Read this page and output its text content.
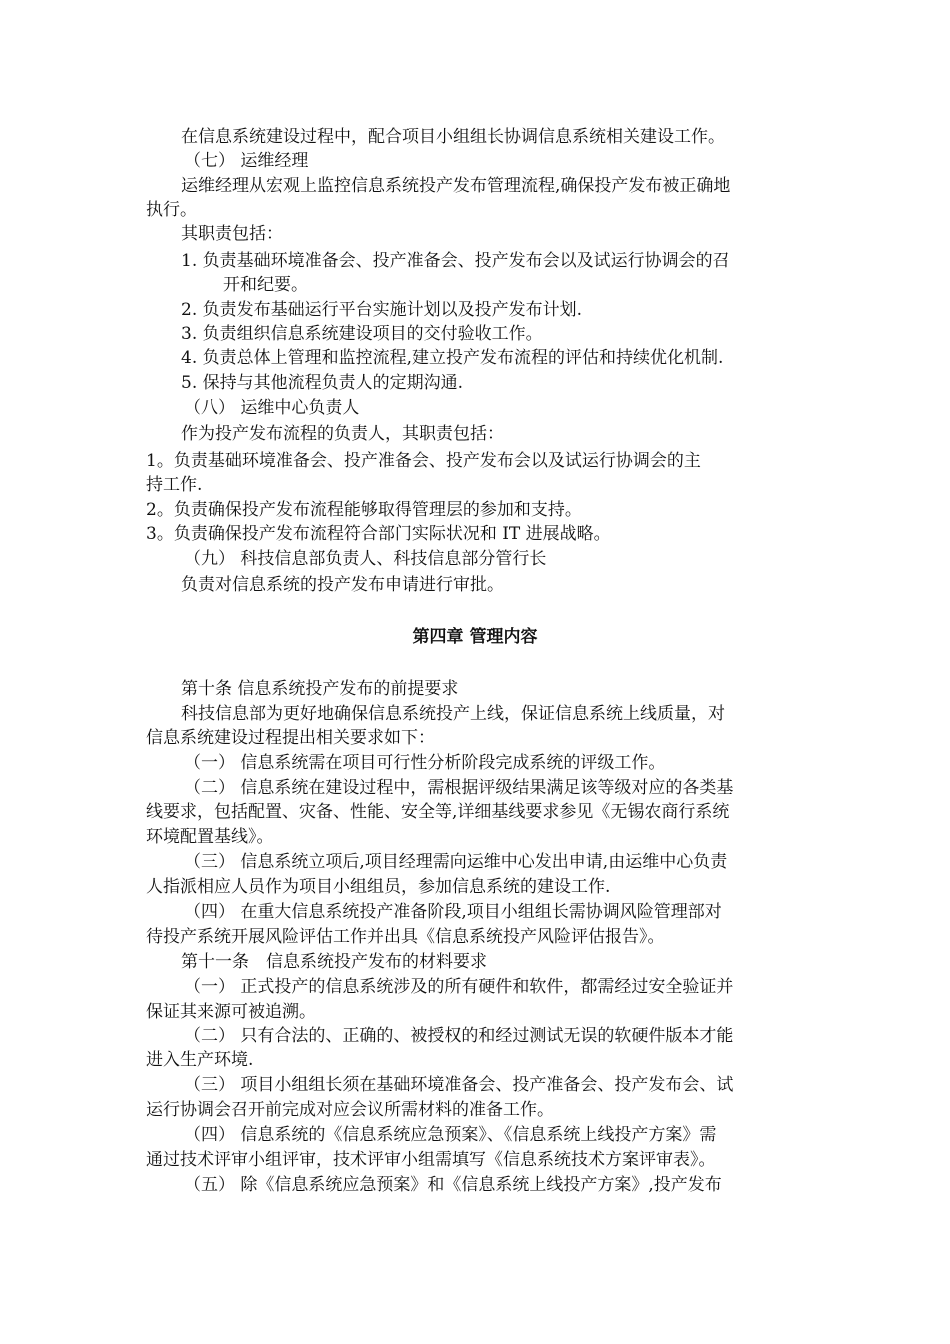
在信息系统建设过程中，配合项目小组组长协调信息系统相关建设工作。
（七） 运维经理
运维经理从宏观上监控信息系统投产发布管理流程,确保投产发布被正确地
执行。
其职责包括：
1. 负责基础环境准备会、投产准备会、投产发布会以及试运行协调会的召
开和纪要。
2. 负责发布基础运行平台实施计划以及投产发布计划.
3. 负责组织信息系统建设项目的交付验收工作。
4. 负责总体上管理和监控流程,建立投产发布流程的评估和持续优化机制.
5. 保持与其他流程负责人的定期沟通.
（八） 运维中心负责人
作为投产发布流程的负责人，其职责包括：
1。负责基础环境准备会、投产准备会、投产发布会以及试运行协调会的主
持工作.
2。负责确保投产发布流程能够取得管理层的参加和支持。
3。负责确保投产发布流程符合部门实际状况和 IT 进展战略。
（九） 科技信息部负责人、科技信息部分管行长
负责对信息系统的投产发布申请进行审批。
第四章 管理内容
第十条 信息系统投产发布的前提要求
科技信息部为更好地确保信息系统投产上线，保证信息系统上线质量，对
信息系统建设过程提出相关要求如下：
（一） 信息系统需在项目可行性分析阶段完成系统的评级工作。
（二） 信息系统在建设过程中，需根据评级结果满足该等级对应的各类基
线要求，包括配置、灾备、性能、安全等,详细基线要求参见《无锡农商行系统
环境配置基线》。
（三） 信息系统立项后,项目经理需向运维中心发出申请,由运维中心负责
人指派相应人员作为项目小组组员，参加信息系统的建设工作.
（四） 在重大信息系统投产准备阶段,项目小组组长需协调风险管理部对
待投产系统开展风险评估工作并出具《信息系统投产风险评估报告》。
第十一条　信息系统投产发布的材料要求
（一） 正式投产的信息系统涉及的所有硬件和软件，都需经过安全验证并
保证其来源可被追溯。
（二） 只有合法的、正确的、被授权的和经过测试无误的软硬件版本才能
进入生产环境.
（三） 项目小组组长须在基础环境准备会、投产准备会、投产发布会、试
运行协调会召开前完成对应会议所需材料的准备工作。
（四） 信息系统的《信息系统应急预案》、《信息系统上线投产方案》需
通过技术评审小组评审，技术评审小组需填写《信息系统技术方案评审表》。
（五） 除《信息系统应急预案》和《信息系统上线投产方案》,投产发布
